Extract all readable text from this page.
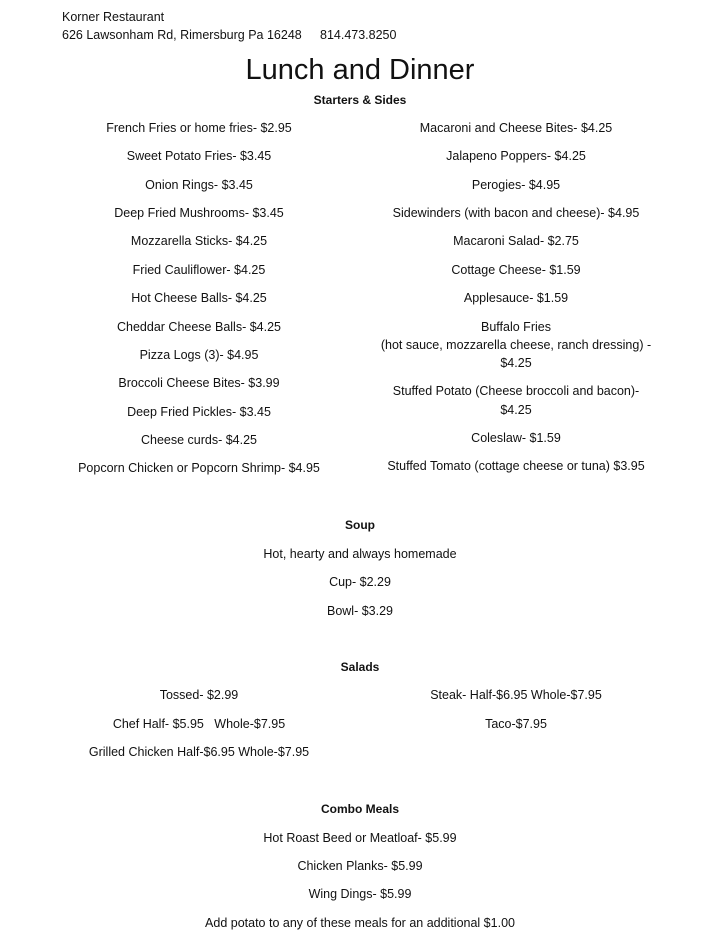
Korner Restaurant
626 Lawsonham Rd, Rimersburg Pa 16248 814.473.8250
Lunch and Dinner
Starters & Sides
French Fries or home fries- $2.95
Sweet Potato Fries- $3.45
Onion Rings- $3.45
Deep Fried Mushrooms- $3.45
Mozzarella Sticks- $4.25
Fried Cauliflower- $4.25
Hot Cheese Balls- $4.25
Cheddar Cheese Balls- $4.25
Pizza Logs (3)- $4.95
Broccoli Cheese Bites- $3.99
Deep Fried Pickles- $3.45
Cheese curds- $4.25
Popcorn Chicken or Popcorn Shrimp- $4.95
Macaroni and Cheese Bites- $4.25
Jalapeno Poppers- $4.25
Perogies- $4.95
Sidewinders (with bacon and cheese)- $4.95
Macaroni Salad- $2.75
Cottage Cheese- $1.59
Applesauce- $1.59
Buffalo Fries
(hot sauce, mozzarella cheese, ranch dressing) -
$4.25
Stuffed Potato (Cheese broccoli and bacon)-
$4.25
Coleslaw- $1.59
Stuffed Tomato (cottage cheese or tuna) $3.95
Soup
Hot, hearty and always homemade
Cup- $2.29
Bowl- $3.29
Salads
Tossed- $2.99
Chef Half- $5.95   Whole-$7.95
Grilled Chicken Half-$6.95 Whole-$7.95
Steak- Half-$6.95 Whole-$7.95
Taco-$7.95
Combo Meals
Hot Roast Beed or Meatloaf- $5.99
Chicken Planks- $5.99
Wing Dings- $5.99
Add potato to any of these meals for an additional $1.00
